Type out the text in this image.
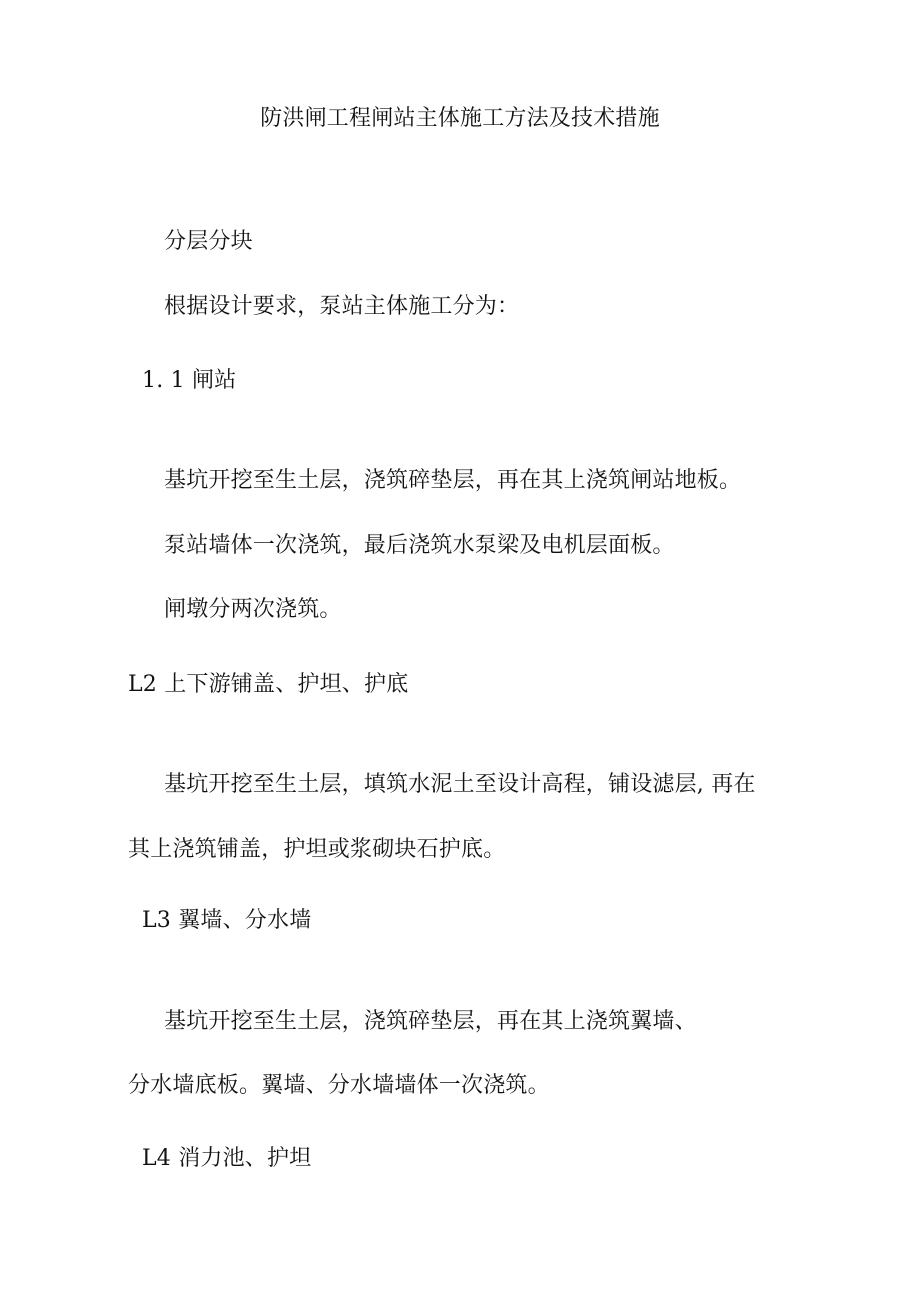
防洪闸工程闸站主体施工方法及技术措施
分层分块
根据设计要求，泵站主体施工分为：
1. 1 闸站
基坑开挖至生土层，浇筑碎垫层，再在其上浇筑闸站地板。
泵站墙体一次浇筑，最后浇筑水泵梁及电机层面板。
闸墩分两次浇筑。
L2 上下游铺盖、护坦、护底
基坑开挖至生土层，填筑水泥土至设计高程，铺设滤层, 再在
其上浇筑铺盖，护坦或浆砌块石护底。
L3 翼墙、分水墙
基坑开挖至生土层，浇筑碎垫层，再在其上浇筑翼墙、
分水墙底板。翼墙、分水墙墙体一次浇筑。
L4 消力池、护坦
